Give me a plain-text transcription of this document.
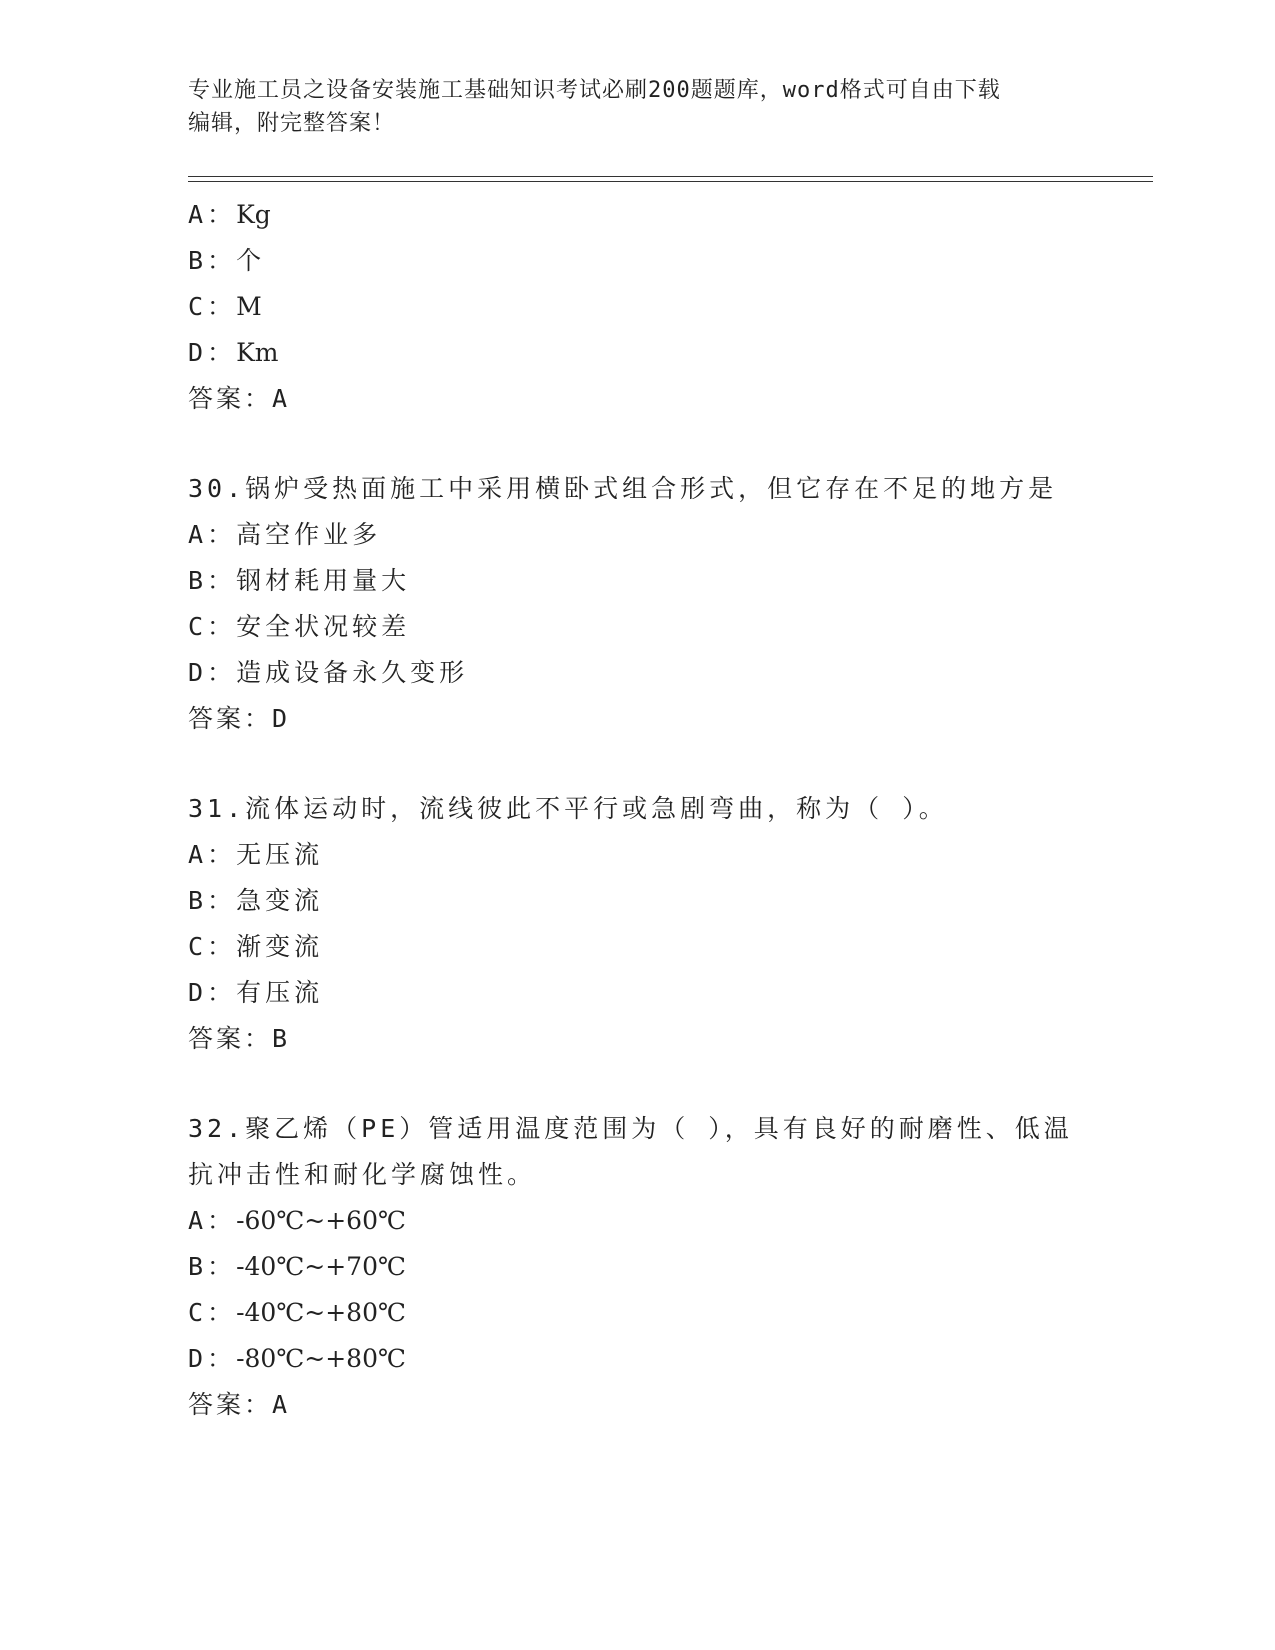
专业施工员之设备安装施工基础知识考试必刷200题题库，word格式可自由下载
编辑，附完整答案！
A：Kg
B：个
C：M
D：Km
答案：A
30.锅炉受热面施工中采用横卧式组合形式，但它存在不足的地方是
A：高空作业多
B：钢材耗用量大
C：安全状况较差
D：造成设备永久变形
答案：D
31.流体运动时，流线彼此不平行或急剧弯曲，称为（ ）。
A：无压流
B：急变流
C：渐变流
D：有压流
答案：B
32.聚乙烯（PE）管适用温度范围为（ ），具有良好的耐磨性、低温
抗冲击性和耐化学腐蚀性。
A：-60℃~+60℃
B：-40℃~+70℃
C：-40℃~+80℃
D：-80℃~+80℃
答案：A
